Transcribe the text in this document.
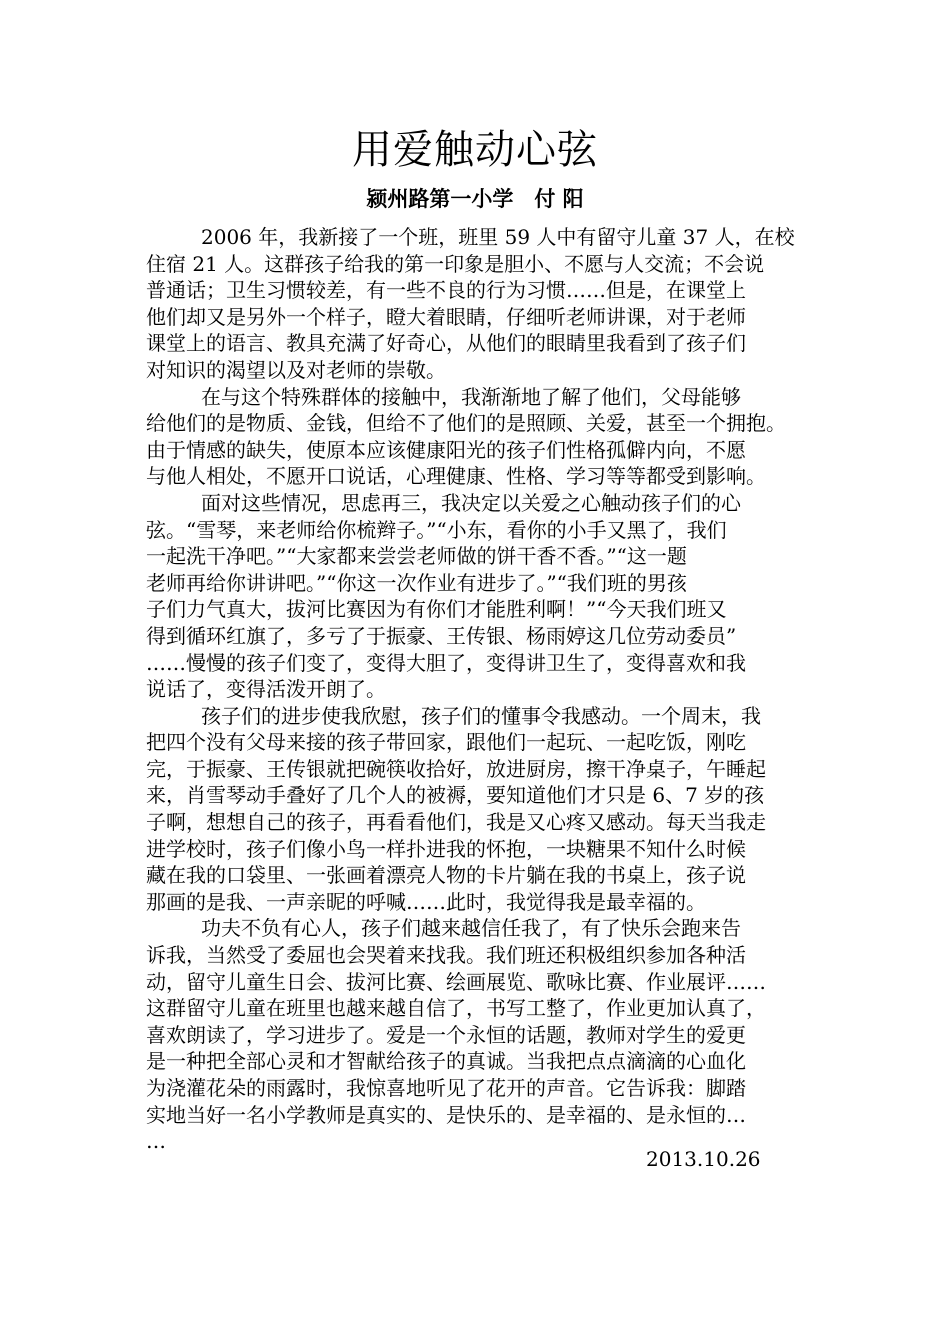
用爱触动心弦

颍州路第一小学　付 阳

2006 年，我新接了一个班，班里 59 人中有留守儿童 37 人，在校
住宿 21 人。这群孩子给我的第一印象是胆小、不愿与人交流；不会说
普通话；卫生习惯较差，有一些不良的行为习惯……但是，在课堂上
他们却又是另外一个样子，瞪大着眼睛，仔细听老师讲课，对于老师
课堂上的语言、教具充满了好奇心，从他们的眼睛里我看到了孩子们
对知识的渴望以及对老师的崇敬。
在与这个特殊群体的接触中，我渐渐地了解了他们，父母能够
给他们的是物质、金钱，但给不了他们的是照顾、关爱，甚至一个拥抱。
由于情感的缺失，使原本应该健康阳光的孩子们性格孤僻内向，不愿
与他人相处，不愿开口说话，心理健康、性格、学习等等都受到影响。
面对这些情况，思虑再三，我决定以关爱之心触动孩子们的心
弦。“雪琴，来老师给你梳辫子。”“小东，看你的小手又黑了，我们
一起洗干净吧。”“大家都来尝尝老师做的饼干香不香。”“这一题
老师再给你讲讲吧。”“你这一次作业有进步了。”“我们班的男孩
子们力气真大，拔河比赛因为有你们才能胜利啊！”“今天我们班又
得到循环红旗了，多亏了于振豪、王传银、杨雨婷这几位劳动委员”
……慢慢的孩子们变了，变得大胆了，变得讲卫生了，变得喜欢和我
说话了，变得活泼开朗了。
孩子们的进步使我欣慰，孩子们的懂事令我感动。一个周末，我
把四个没有父母来接的孩子带回家，跟他们一起玩、一起吃饭，刚吃
完，于振豪、王传银就把碗筷收拾好，放进厨房，擦干净桌子，午睡起
来，肖雪琴动手叠好了几个人的被褥，要知道他们才只是 6、7 岁的孩
子啊，想想自己的孩子，再看看他们，我是又心疼又感动。每天当我走
进学校时，孩子们像小鸟一样扑进我的怀抱，一块糖果不知什么时候
藏在我的口袋里、一张画着漂亮人物的卡片躺在我的书桌上，孩子说
那画的是我、一声亲昵的呼喊……此时，我觉得我是最幸福的。
功夫不负有心人，孩子们越来越信任我了，有了快乐会跑来告
诉我，当然受了委屈也会哭着来找我。我们班还积极组织参加各种活
动，留守儿童生日会、拔河比赛、绘画展览、歌咏比赛、作业展评……
这群留守儿童在班里也越来越自信了，书写工整了，作业更加认真了，
喜欢朗读了，学习进步了。爱是一个永恒的话题，教师对学生的爱更
是一种把全部心灵和才智献给孩子的真诚。当我把点点滴滴的心血化
为浇灌花朵的雨露时，我惊喜地听见了花开的声音。它告诉我：脚踏
实地当好一名小学教师是真实的、是快乐的、是幸福的、是永恒的…
…

2013.10.26
